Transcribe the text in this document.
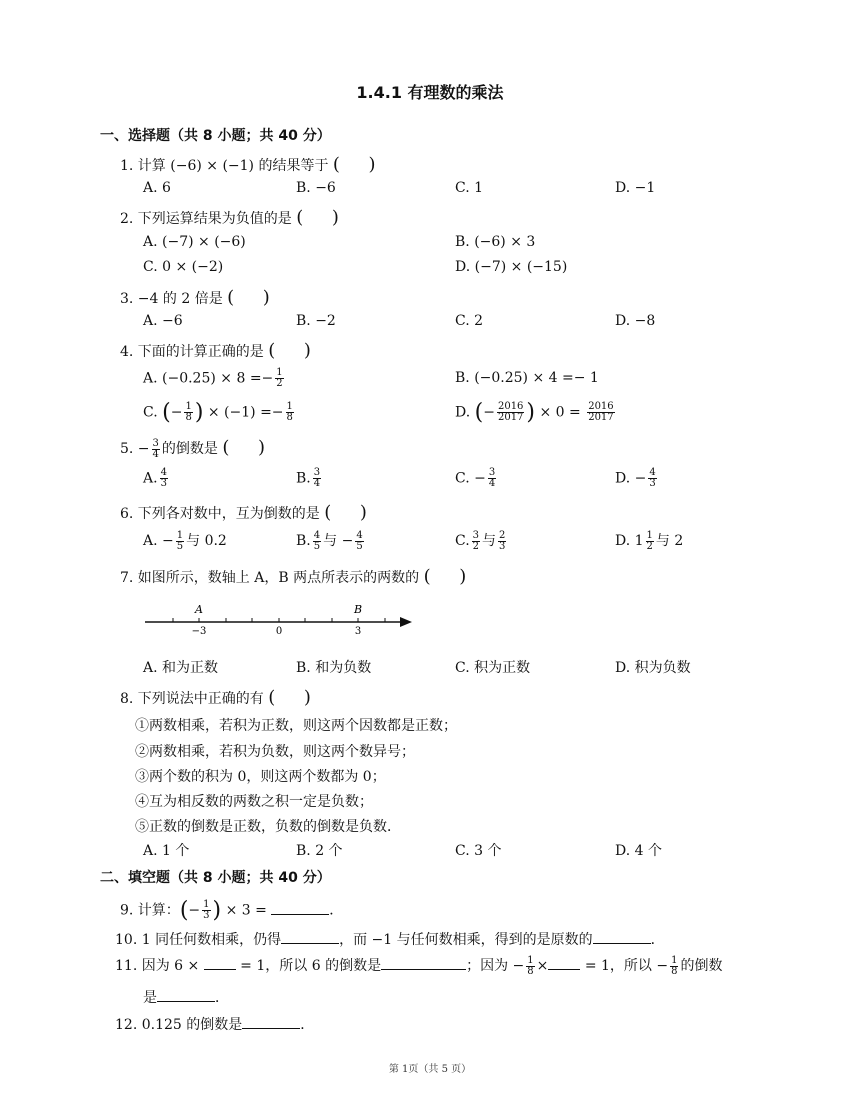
1.4.1 有理数的乘法
一、选择题（共 8 小题；共 40 分）
1. 计算 (−6) × (−1) 的结果等于 (     )
A. 6	B. −6	C. 1	D. −1
2. 下列运算结果为负值的是 (     )
A. (−7) × (−6)	B. (−6) × 3
C. 0 × (−2)	D. (−7) × (−15)
3. −4 的 2 倍是 (     )
A. −6	B. −2	C. 2	D. −8
4. 下面的计算正确的是 (     )
A. $(-0.25) \times 8 =- \frac{1}{2}$	B. (−0.25) × 4 =− 1
C. (− $\frac{1}{8}$ ) × $(-1) =- \frac{1}{8}$	D. (− $\frac{2016}{2017}$ ) × $0 = \frac{2016}{2017}$
5. − $\frac{3}{4}$ 的倒数是 (     )
A. $\frac{4}{3}$	B. $\frac{3}{4}$	C. − $\frac{3}{4}$	D. − $\frac{4}{3}$
6. 下列各对数中，互为倒数的是 (     )
A. − $\frac{1}{5}$ 与 0.2	B. $\frac{4}{5}$ 与 − $\frac{4}{5}$	C. $\frac{3}{2}$ 与 $\frac{2}{3}$	D. $1 \frac{1}{2}$ 与 2
7. 如图所示，数轴上 A，B 两点所表示的两数的 (     )
A	B
−3	0	3
A. 和为正数	B. 和为负数	C. 积为正数	D. 积为负数
8. 下列说法中正确的有 (     )
①两数相乘，若积为正数，则这两个因数都是正数；
②两数相乘，若积为负数，则这两个数异号；
③两个数的积为 0，则这两个数都为 0；
④互为相反数的两数之积一定是负数；
⑤正数的倒数是正数，负数的倒数是负数．
A. 1 个	B. 2 个	C. 3 个	D. 4 个
二、填空题（共 8 小题；共 40 分）
9. 计算：(− $\frac{1}{3}$ ) × 3 =	．
10. 1 同任何数相乘，仍得	，而 −1 与任何数相乘，得到的是原数的	．
11. 因为 6 ×	= 1，所以 6 的倒数是	；因为 − $\frac{1}{8}$ ×	= 1，所以 − $\frac{1}{8}$ 的倒数
是	．
12. 0.125 的倒数是	．
第 1页（共 5 页）
